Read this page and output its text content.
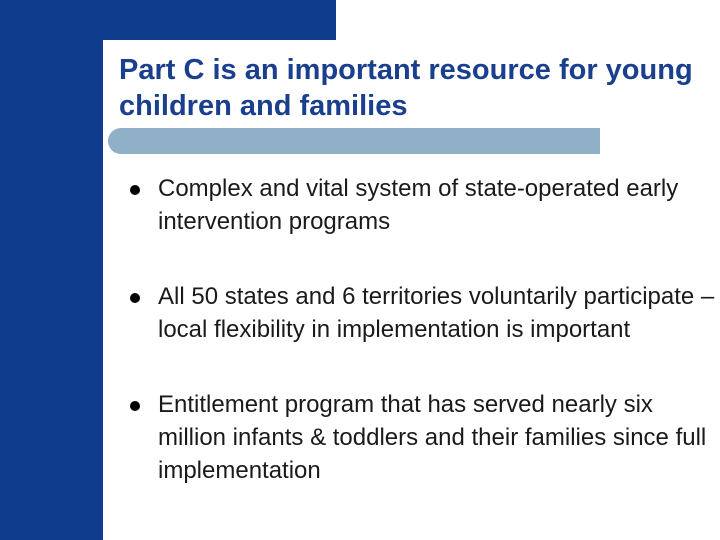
Part C is an important resource for young children and families
Complex and vital system of state-operated early intervention programs
All 50 states and 6 territories voluntarily participate – local flexibility in implementation is important
Entitlement program that has served nearly six million infants & toddlers and their families since full implementation
